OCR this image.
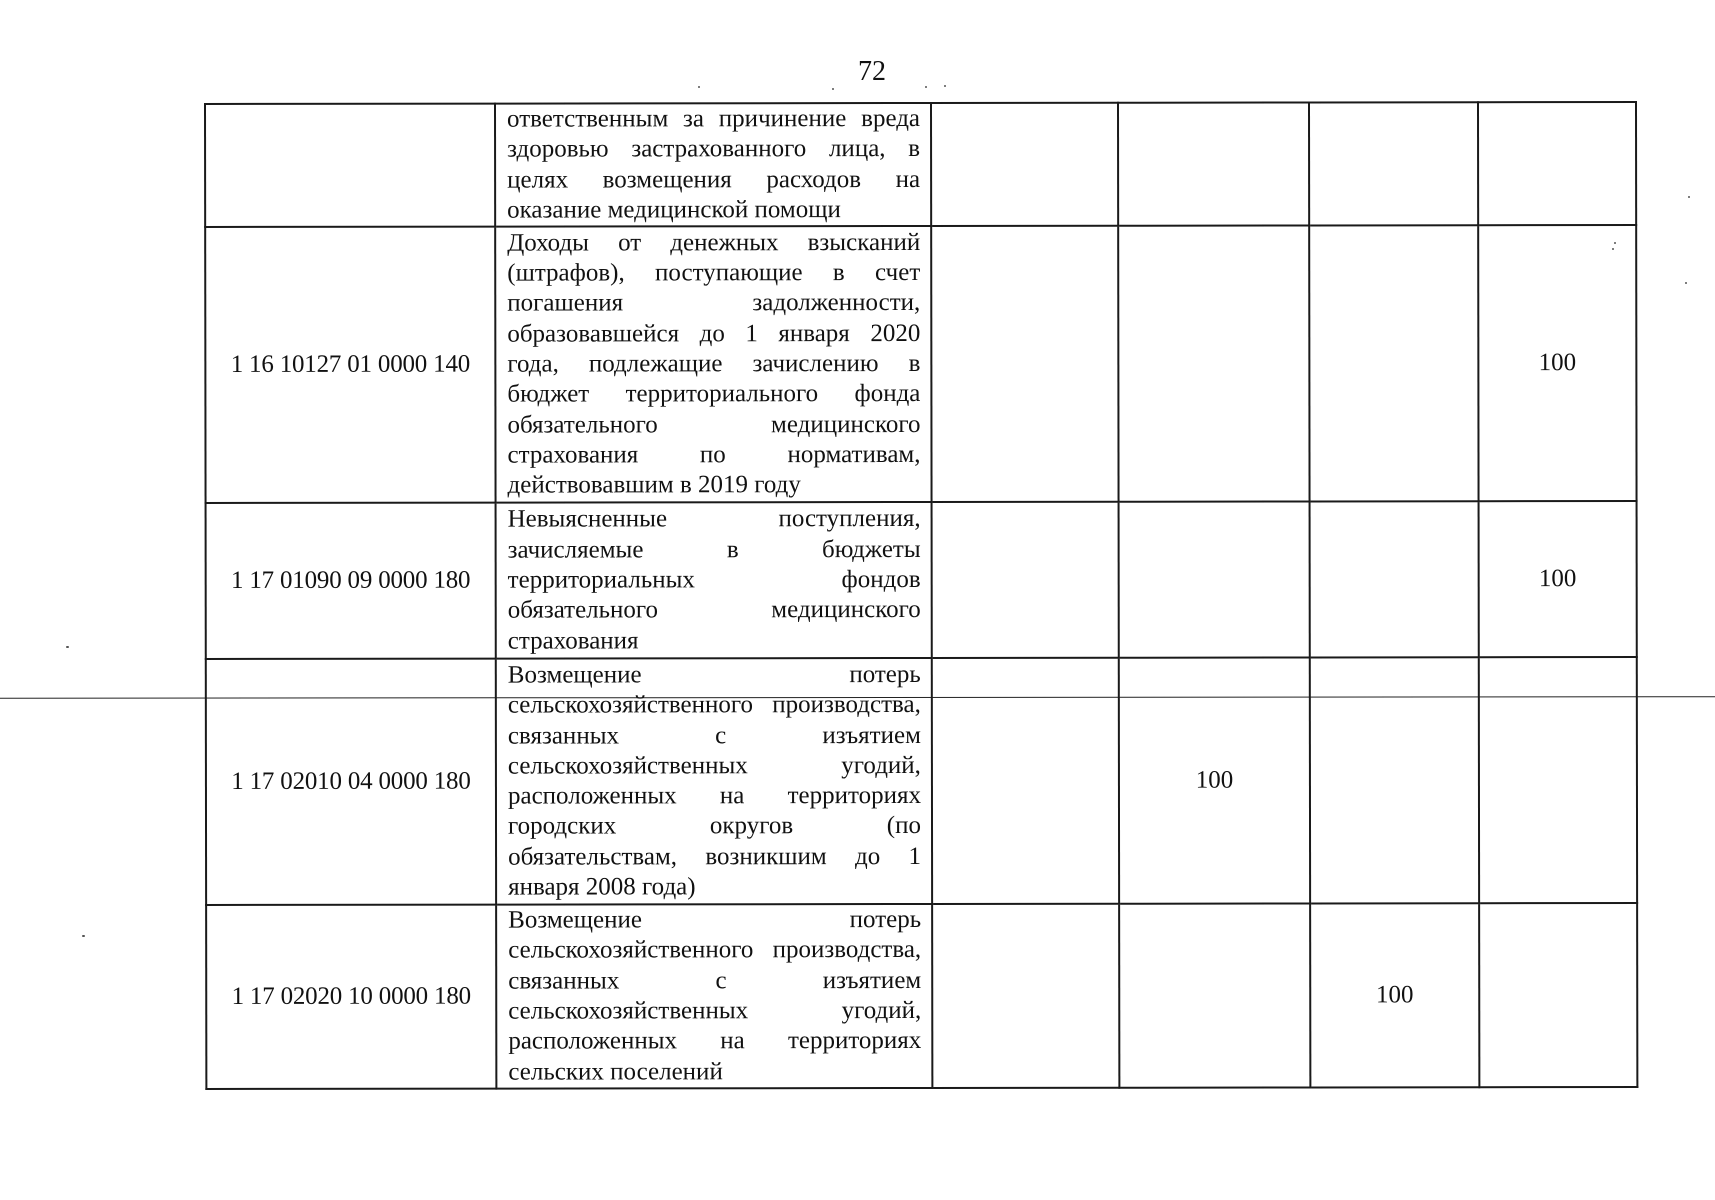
72
	ответственным за причинение вреда здоровью застрахованного лица, в целях возмещения расходов на оказание медицинской помощи				
1 16 10127 01 0000 140	Доходы от денежных взысканий (штрафов), поступающие в счет погашения задолженности, образовавшейся до 1 января 2020 года, подлежащие зачислению в бюджет территориального фонда обязательного медицинского страхования по нормативам, действовавшим в 2019 году				100
1 17 01090 09 0000 180	Невыясненные поступления, зачисляемые в бюджеты территориальных фондов обязательного медицинского страхования				100
1 17 02010 04 0000 180	Возмещение потерь сельскохозяйственного производства, связанных с изъятием сельскохозяйственных угодий, расположенных на территориях городских округов (по обязательствам, возникшим до 1 января 2008 года)		100		
1 17 02020 10 0000 180	Возмещение потерь сельскохозяйственного производства, связанных с изъятием сельскохозяйственных угодий, расположенных на территориях сельских поселений			100	
